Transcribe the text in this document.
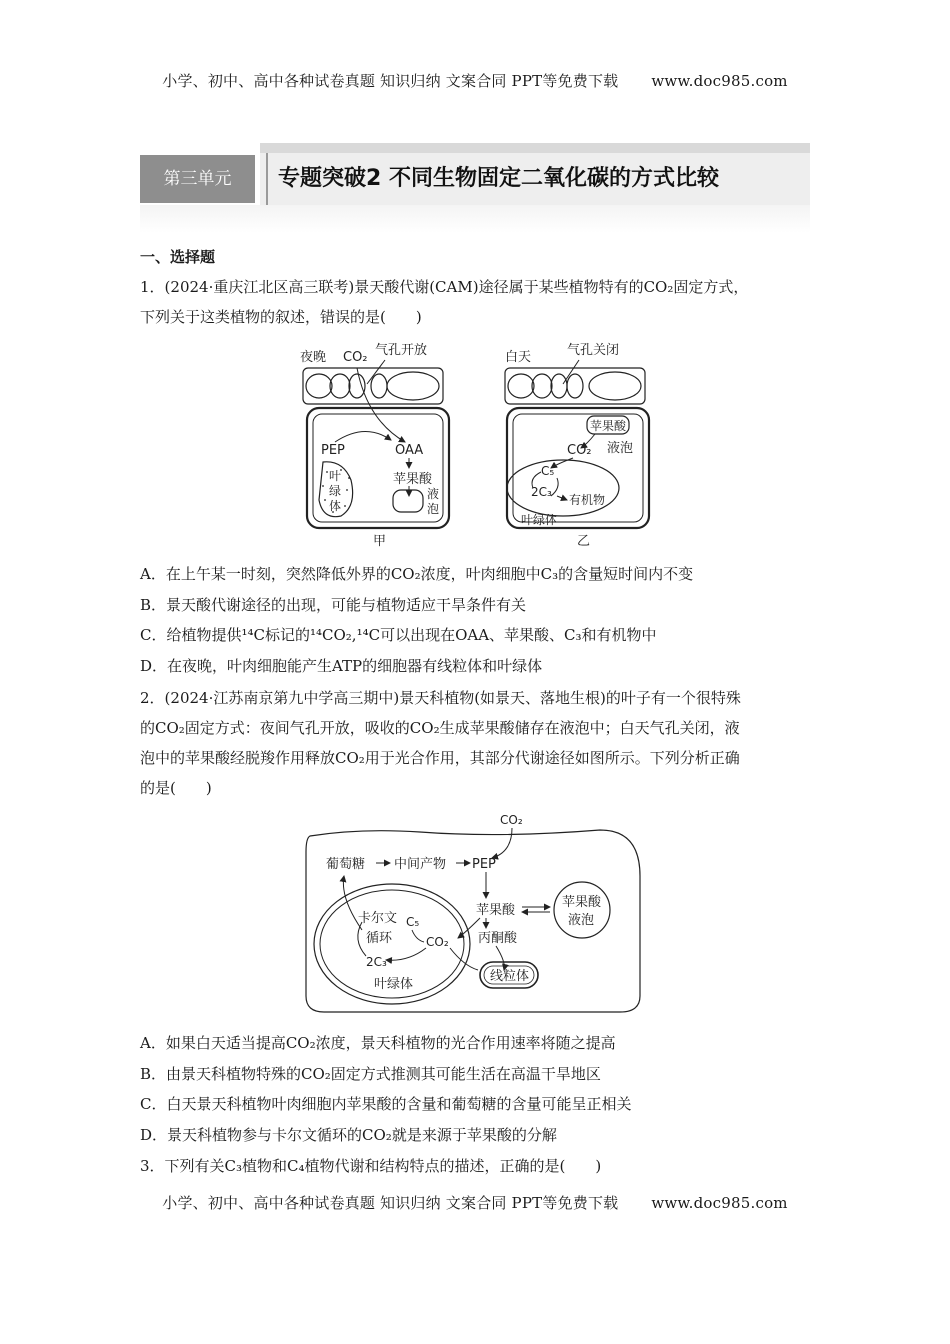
小学、初中、高中各种试卷真题 知识归纳 文案合同 PPT等免费下载 www.doc985.com
第三单元	专题突破2 不同生物固定二氧化碳的方式比较
一、选择题
1．(2024·重庆江北区高三联考)景天酸代谢(CAM)途径属于某些植物特有的CO₂固定方式，
下列关于这类植物的叙述，错误的是(　　)
夜晚 CO₂ 气孔开放
PEP	OAA
苹果酸
叶
绿
体
液
泡
甲
白天	气孔关闭
苹果酸
液泡
CO₂
C₅
2C₃
有机物
叶绿体
乙
A．在上午某一时刻，突然降低外界的CO₂浓度，叶肉细胞中C₃的含量短时间内不变
B．景天酸代谢途径的出现，可能与植物适应干旱条件有关
C．给植物提供¹⁴C标记的¹⁴CO₂,¹⁴C可以出现在OAA、苹果酸、C₃和有机物中
D．在夜晚，叶肉细胞能产生ATP的细胞器有线粒体和叶绿体
2．(2024·江苏南京第九中学高三期中)景天科植物(如景天、落地生根)的叶子有一个很特殊
的CO₂固定方式：夜间气孔开放，吸收的CO₂生成苹果酸储存在液泡中；白天气孔关闭，液
泡中的苹果酸经脱羧作用释放CO₂用于光合作用，其部分代谢途径如图所示。下列分析正确
的是(　　)
CO₂
葡萄糖 中间产物 PEP
卡尔文
循环
C₅
CO₂
2C₃
叶绿体
苹果酸
苹果酸
液泡
丙酮酸
线粒体
A．如果白天适当提高CO₂浓度，景天科植物的光合作用速率将随之提高
B．由景天科植物特殊的CO₂固定方式推测其可能生活在高温干旱地区
C．白天景天科植物叶肉细胞内苹果酸的含量和葡萄糖的含量可能呈正相关
D．景天科植物参与卡尔文循环的CO₂就是来源于苹果酸的分解
3．下列有关C₃植物和C₄植物代谢和结构特点的描述，正确的是(　　)
小学、初中、高中各种试卷真题 知识归纳 文案合同 PPT等免费下载 www.doc985.com
